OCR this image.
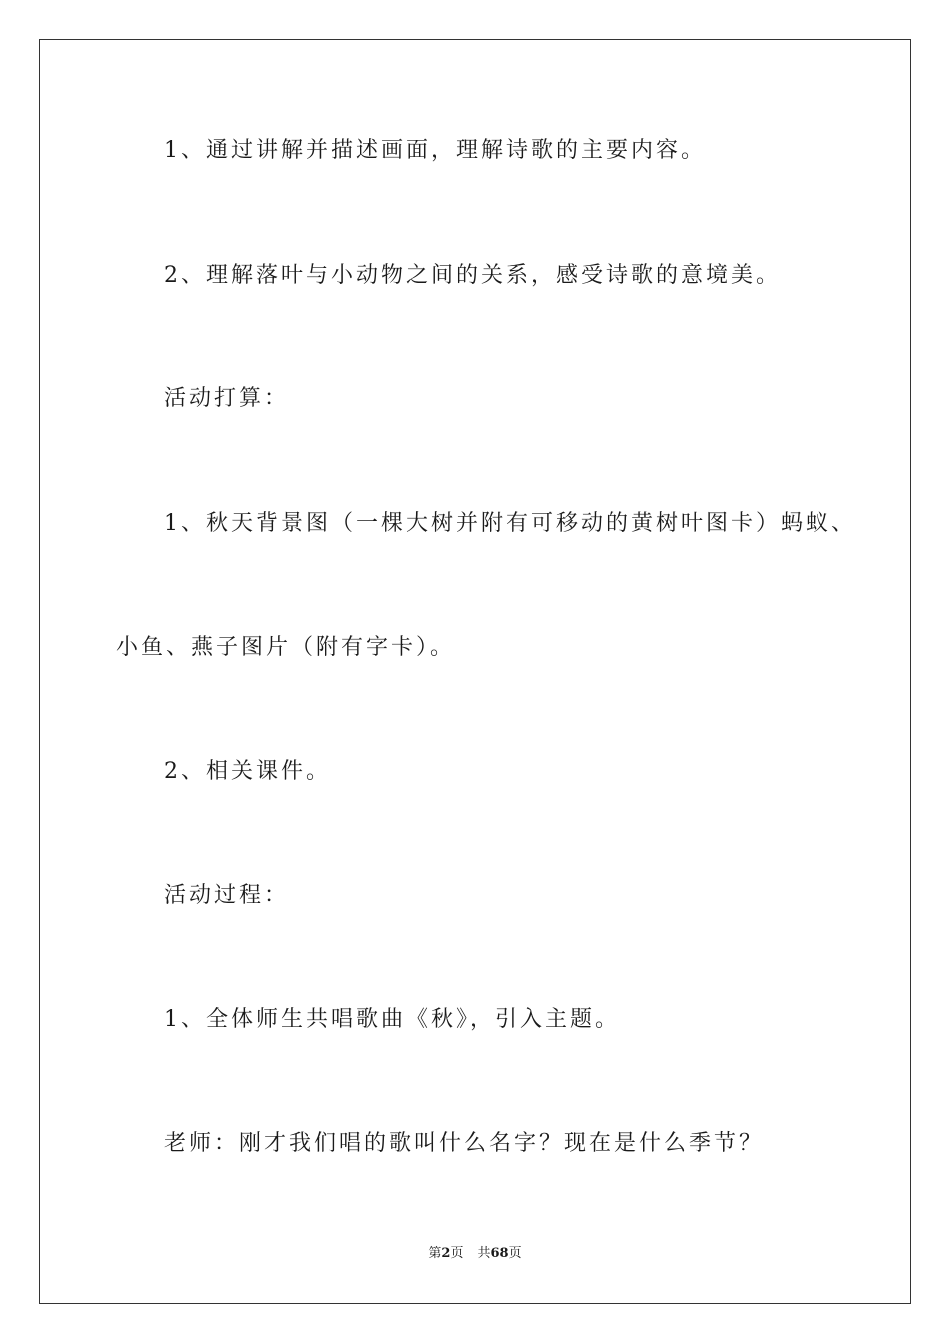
1、通过讲解并描述画面，理解诗歌的主要内容。
2、理解落叶与小动物之间的关系，感受诗歌的意境美。
活动打算：
1、秋天背景图（一棵大树并附有可移动的黄树叶图卡）蚂蚁、
小鱼、燕子图片（附有字卡）。
2、相关课件。
活动过程：
1、全体师生共唱歌曲《秋》，引入主题。
老师：刚才我们唱的歌叫什么名字？现在是什么季节？
第2页 共68页
